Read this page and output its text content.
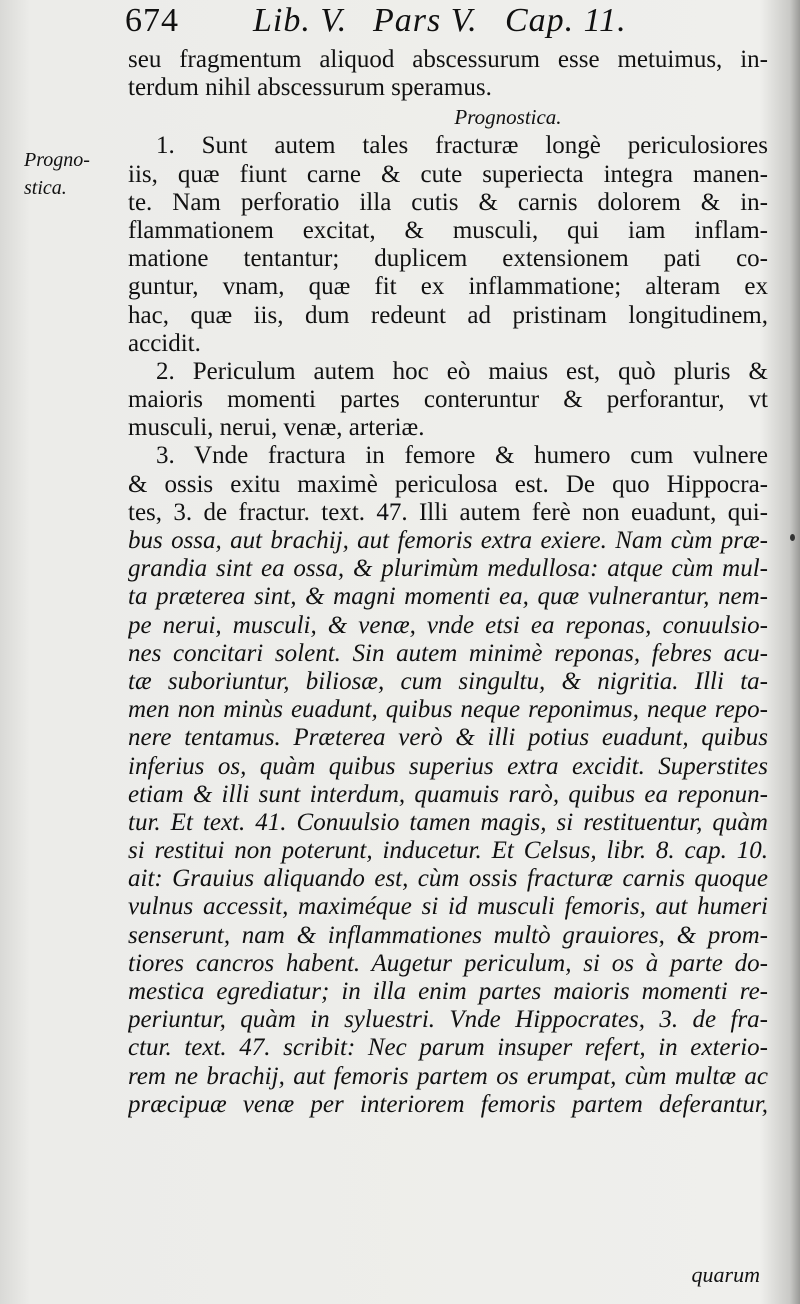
674 Lib. V. Pars V. Cap. 11.
Progno-
stica.
seu fragmentum aliquod abscessurum esse metuimus, in-
terdum nihil abscessurum speramus.
Prognostica.
1. Sunt autem tales fracturæ longè periculosiores
iis, quæ fiunt carne & cute superiecta integra manen-
te. Nam perforatio illa cutis & carnis dolorem & in-
flammationem excitat, & musculi, qui iam inflam-
matione tentantur; duplicem extensionem pati co-
guntur, vnam, quæ fit ex inflammatione; alteram ex
hac, quæ iis, dum redeunt ad pristinam longitudinem,
accidit.
2. Periculum autem hoc eò maius est, quò pluris &
maioris momenti partes conteruntur & perforantur, vt
musculi, nerui, venæ, arteriæ.
3. Vnde fractura in femore & humero cum vulnere
& ossis exitu maximè periculosa est. De quo Hippocra-
tes, 3. de fractur. text. 47. Illi autem ferè non euadunt, qui-
bus ossa, aut brachij, aut femoris extra exiere. Nam cùm præ-
grandia sint ea ossa, & plurimùm medullosa: atque cùm mul-
ta præterea sint, & magni momenti ea, quæ vulnerantur, nem-
pe nerui, musculi, & venæ, vnde etsi ea reponas, conuulsio-
nes concitari solent. Sin autem minimè reponas, febres acu-
tæ suboriuntur, biliosæ, cum singultu, & nigritia. Illi ta-
men non minùs euadunt, quibus neque reponimus, neque repo-
nere tentamus. Præterea verò & illi potius euadunt, quibus
inferius os, quàm quibus superius extra excidit. Superstites
etiam & illi sunt interdum, quamuis rarò, quibus ea reponun-
tur. Et text. 41. Conuulsio tamen magis, si restituentur, quàm
si restitui non poterunt, inducetur. Et Celsus, libr. 8. cap. 10.
ait: Grauius aliquando est, cùm ossis fracturæ carnis quoque
vulnus accessit, maximéque si id musculi femoris, aut humeri
senserunt, nam & inflammationes multò grauiores, & prom-
tiores cancros habent. Augetur periculum, si os à parte do-
mestica egrediatur; in illa enim partes maioris momenti re-
periuntur, quàm in syluestri. Vnde Hippocrates, 3. de fra-
ctur. text. 47. scribit: Nec parum insuper refert, in exterio-
rem ne brachij, aut femoris partem os erumpat, cùm multæ ac
præcipuæ venæ per interiorem femoris partem deferantur,
quarum
